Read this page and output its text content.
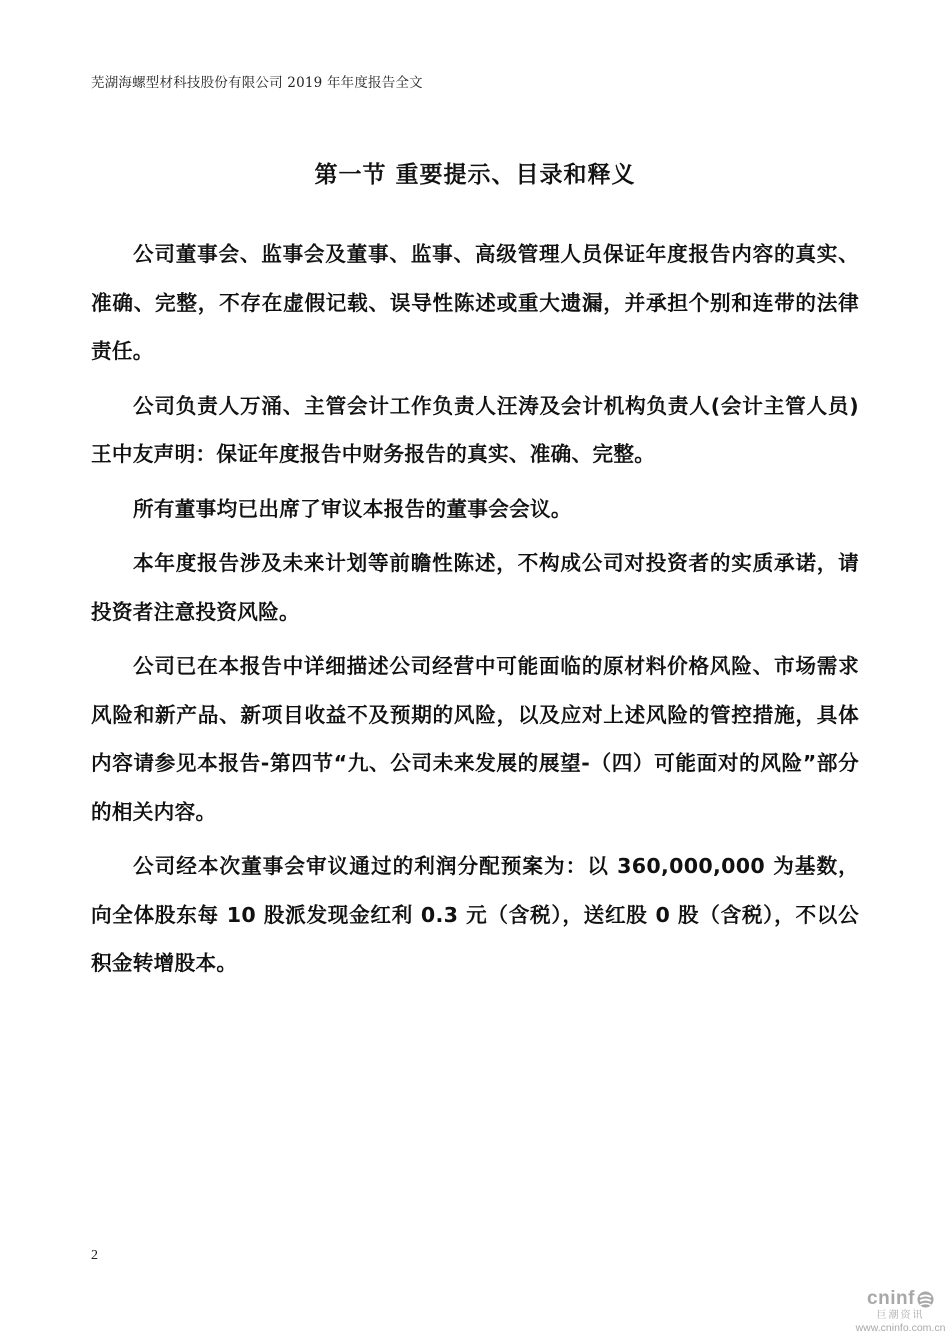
芜湖海螺型材科技股份有限公司 2019 年年度报告全文
第一节 重要提示、目录和释义

公司董事会、监事会及董事、监事、高级管理人员保证年度报告内容的真实、准确、完整，不存在虚假记载、误导性陈述或重大遗漏，并承担个别和连带的法律责任。

公司负责人万涌、主管会计工作负责人汪涛及会计机构负责人(会计主管人员)王中友声明：保证年度报告中财务报告的真实、准确、完整。

所有董事均已出席了审议本报告的董事会会议。

本年度报告涉及未来计划等前瞻性陈述，不构成公司对投资者的实质承诺，请投资者注意投资风险。

公司已在本报告中详细描述公司经营中可能面临的原材料价格风险、市场需求风险和新产品、新项目收益不及预期的风险，以及应对上述风险的管控措施，具体内容请参见本报告-第四节“九、公司未来发展的展望-（四）可能面对的风险”部分的相关内容。

公司经本次董事会审议通过的利润分配预案为：以 360,000,000 为基数，向全体股东每 10 股派发现金红利 0.3 元（含税），送红股 0 股（含税），不以公积金转增股本。

2
cninf
巨潮资讯
www.cninfo.com.cn
